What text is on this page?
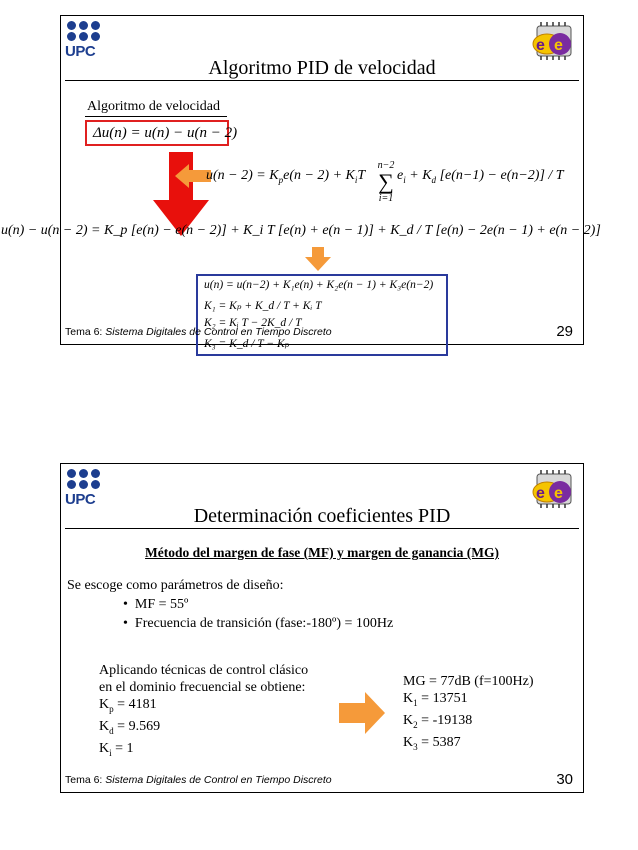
UPC	e e
Algoritmo PID de velocidad
Algoritmo de velocidad
Δu(n) = u(n) − u(n − 2)
$u(n - 2) = K_pe(n - 2) + K_iT$
n−2
∑
i=1
$e_i + K_d$ [e(n−1) − e(n−2)] / T
u(n) − u(n − 2) = K_p [e(n) − e(n − 2)] + K_i T [e(n) + e(n − 1)] + K_d / T [e(n) − 2e(n − 1) + e(n − 2)]
u(n) = u(n−2) + K₁e(n) + K₂e(n − 1) + K₃e(n−2)
K₁ = Kₚ + K_d / T + Kᵢ T
K₂ = Kᵢ T − 2K_d / T
K₃ = K_d / T − Kₚ
Tema 6: Sistema Digitales de Control en Tiempo Discreto	29
UPC	e e
Determinación coeficientes PID
Método del margen de fase (MF) y margen de ganancia (MG)
Se escoge como parámetros de diseño:
• MF = 55º
• Frecuencia de transición (fase:-180º) = 100Hz
Aplicando técnicas de control clásico
en el dominio frecuencial se obtiene:
$K_p = 4181$
$K_d = 9.569$
$K_i = 1$
MG = 77dB (f=100Hz)
$K_1 = 13751$
$K_2 = -19138$
$K_3 = 5387$
Tema 6: Sistema Digitales de Control en Tiempo Discreto	30
